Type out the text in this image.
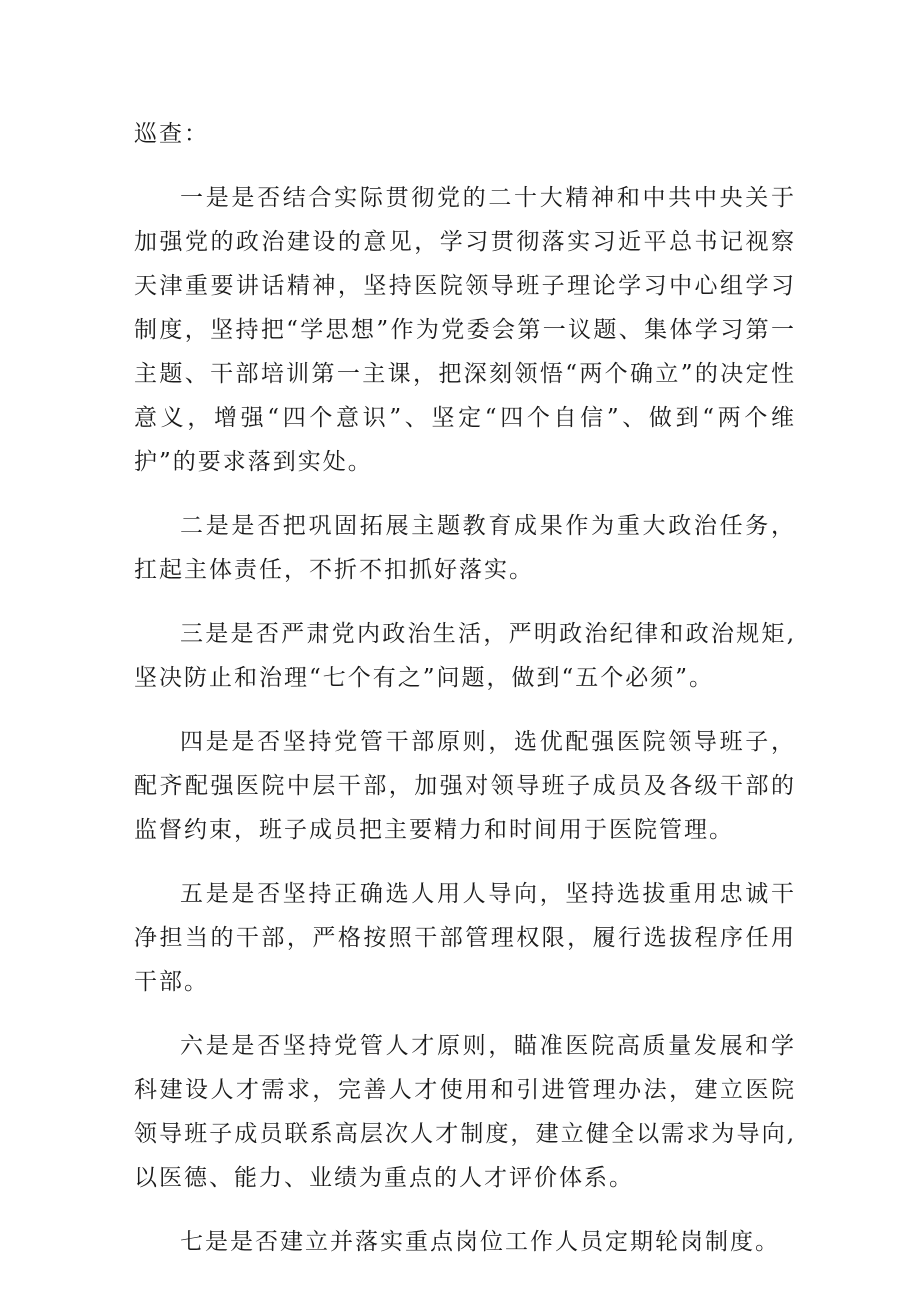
巡查：

一是是否结合实际贯彻党的二十大精神和中共中央关于加强党的政治建设的意见，学习贯彻落实习近平总书记视察天津重要讲话精神，坚持医院领导班子理论学习中心组学习制度，坚持把“学思想”作为党委会第一议题、集体学习第一主题、干部培训第一主课，把深刻领悟“两个确立”的决定性意义，增强“四个意识”、坚定“四个自信”、做到“两个维护”的要求落到实处。

二是是否把巩固拓展主题教育成果作为重大政治任务，扛起主体责任，不折不扣抓好落实。

三是是否严肃党内政治生活，严明政治纪律和政治规矩,坚决防止和治理“七个有之”问题，做到“五个必须”。

四是是否坚持党管干部原则，选优配强医院领导班子，配齐配强医院中层干部，加强对领导班子成员及各级干部的监督约束，班子成员把主要精力和时间用于医院管理。

五是是否坚持正确选人用人导向，坚持选拔重用忠诚干净担当的干部，严格按照干部管理权限，履行选拔程序任用干部。

六是是否坚持党管人才原则，瞄准医院高质量发展和学科建设人才需求，完善人才使用和引进管理办法，建立医院领导班子成员联系高层次人才制度，建立健全以需求为导向,以医德、能力、业绩为重点的人才评价体系。

七是是否建立并落实重点岗位工作人员定期轮岗制度。
